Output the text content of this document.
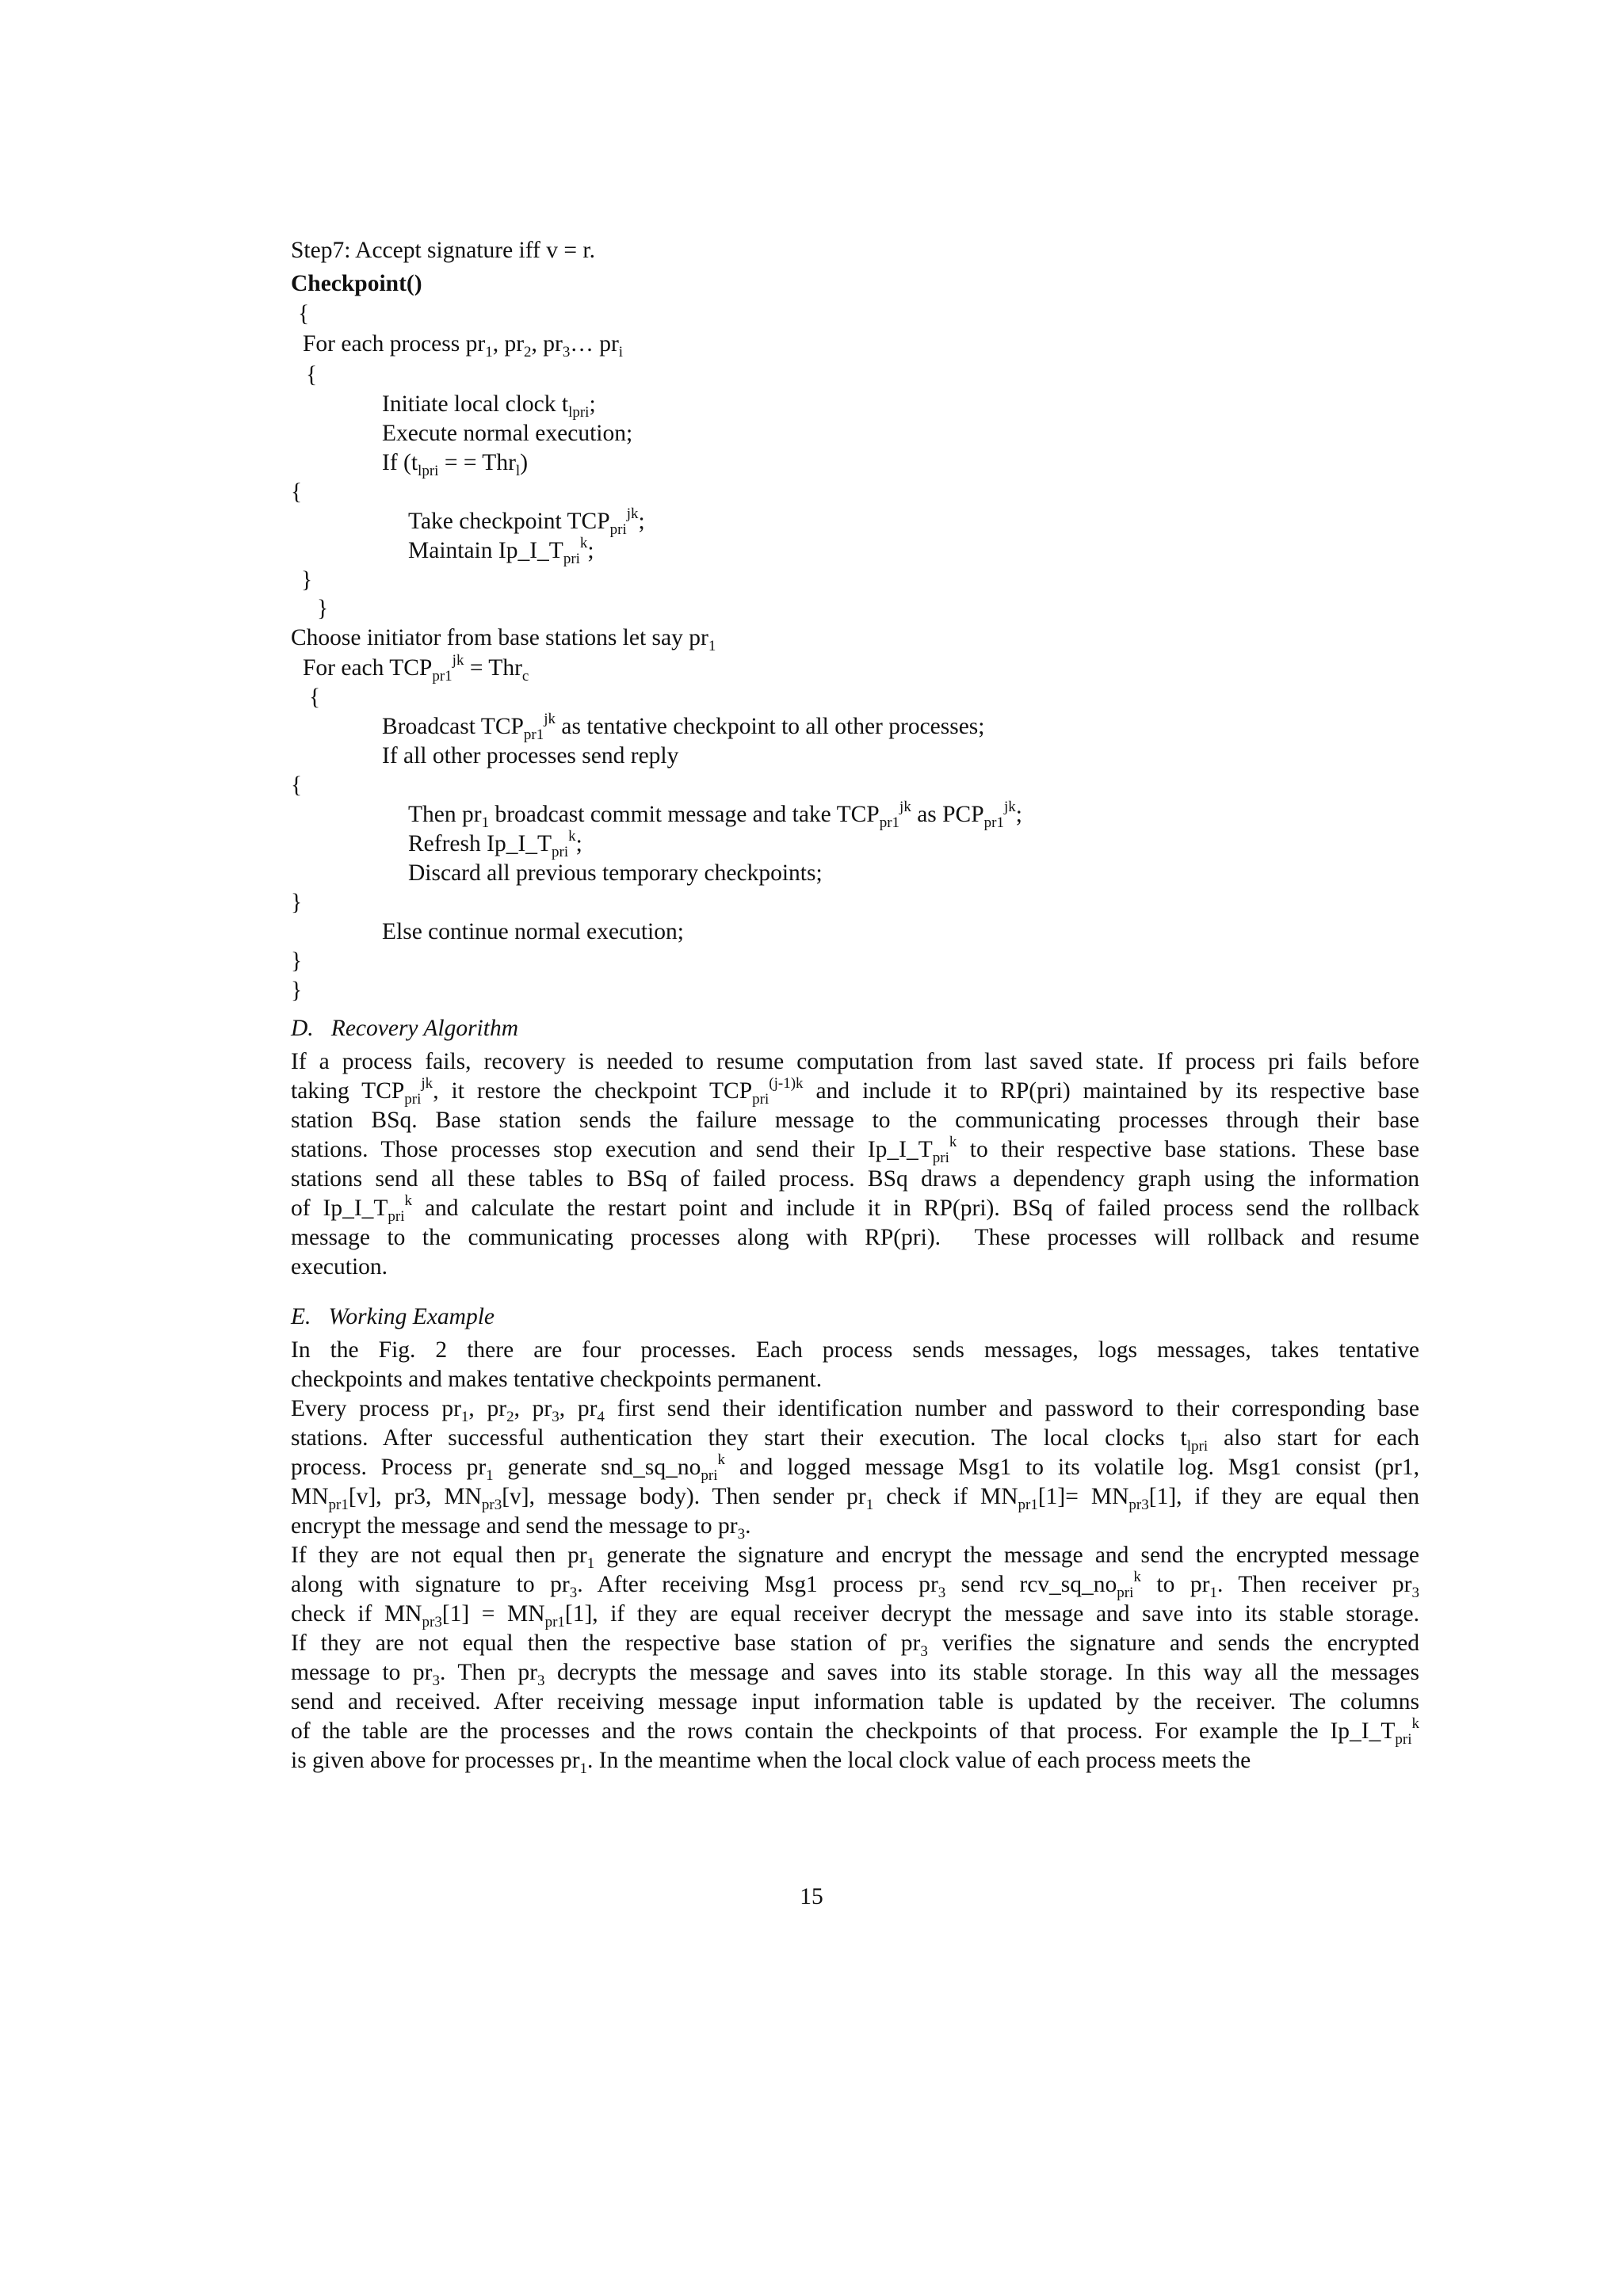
Step7: Accept signature iff v = r.
Checkpoint()
{
For each process $pr_1$, $pr_2$, $pr_3\dots$ $pr_i$
{
Initiate local clock $t_{lpri}$;
Execute normal execution;
If ($t_{lpri}$ = = Thr$_l$)
{
Take checkpoint $TCP_{pri}^{jk}$;
Maintain $Ip\_I\_T_{pri}^k$;
}
}
Choose initiator from base stations let say $pr_1$
For each $TCP_{pr1}^{jk} = Thr_c$
{
Broadcast $TCP_{pr1}^{jk}$ as tentative checkpoint to all other processes;
If all other processes send reply
{
Then $pr_1$ broadcast commit message and take $TCP_{pr1}^{jk}$ as $PCP_{pr1}^{jk}$;
Refresh $Ip\_I\_T_{pri}^k$;
Discard all previous temporary checkpoints;
}
Else continue normal execution;
}
}
D.   Recovery Algorithm
If a process fails, recovery is needed to resume computation from last saved state. If process pri fails before
taking $TCP_{pri}^{jk}$, it restore the checkpoint $TCP_{pri}^{(j-1)k}$ and include it to RP(pri) maintained by its respective base
station BSq. Base station sends the failure message to the communicating processes through their base
stations. Those processes stop execution and send their $Ip\_I\_T_{pri}^k$ to their respective base stations. These base
stations send all these tables to BSq of failed process. BSq draws a dependency graph using the information
of $Ip\_I\_T_{pri}^k$ and calculate the restart point and include it in RP(pri). BSq of failed process send the rollback
message to the communicating processes along with RP(pri).  These processes will rollback and resume
execution.
E.   Working Example
In the Fig. 2 there are four processes. Each process sends messages, logs messages, takes tentative
checkpoints and makes tentative checkpoints permanent.
Every process $pr_1$, $pr_2$, $pr_3$, $pr_4$ first send their identification number and password to their corresponding base
stations. After successful authentication they start their execution. The local clocks $t_{lpri}$ also start for each
process. Process $pr_1$ generate $snd\_sq\_no_{pri}^k$ and logged message Msg1 to its volatile log. Msg1 consist (pr1,
$MN_{pr1}[v]$, pr3, $MN_{pr3}[v]$, message body). Then sender $pr_1$ check if $MN_{pr1}[1]= MN_{pr3}[1]$, if they are equal then
encrypt the message and send the message to $pr_3$.
If they are not equal then $pr_1$ generate the signature and encrypt the message and send the encrypted message
along with signature to $pr_3$. After receiving Msg1 process $pr_3$ send $rcv\_sq\_no_{pri}^k$ to $pr_1$. Then receiver $pr_3$
check if $MN_{pr3}[1] = MN_{pr1}[1]$, if they are equal receiver decrypt the message and save into its stable storage.
If they are not equal then the respective base station of $pr_3$ verifies the signature and sends the encrypted
message to $pr_3$. Then $pr_3$ decrypts the message and saves into its stable storage. In this way all the messages
send and received. After receiving message input information table is updated by the receiver. The columns
of the table are the processes and the rows contain the checkpoints of that process. For example the $Ip\_I\_T_{pri}^k$
is given above for processes $pr_1$. In the meantime when the local clock value of each process meets the
15
